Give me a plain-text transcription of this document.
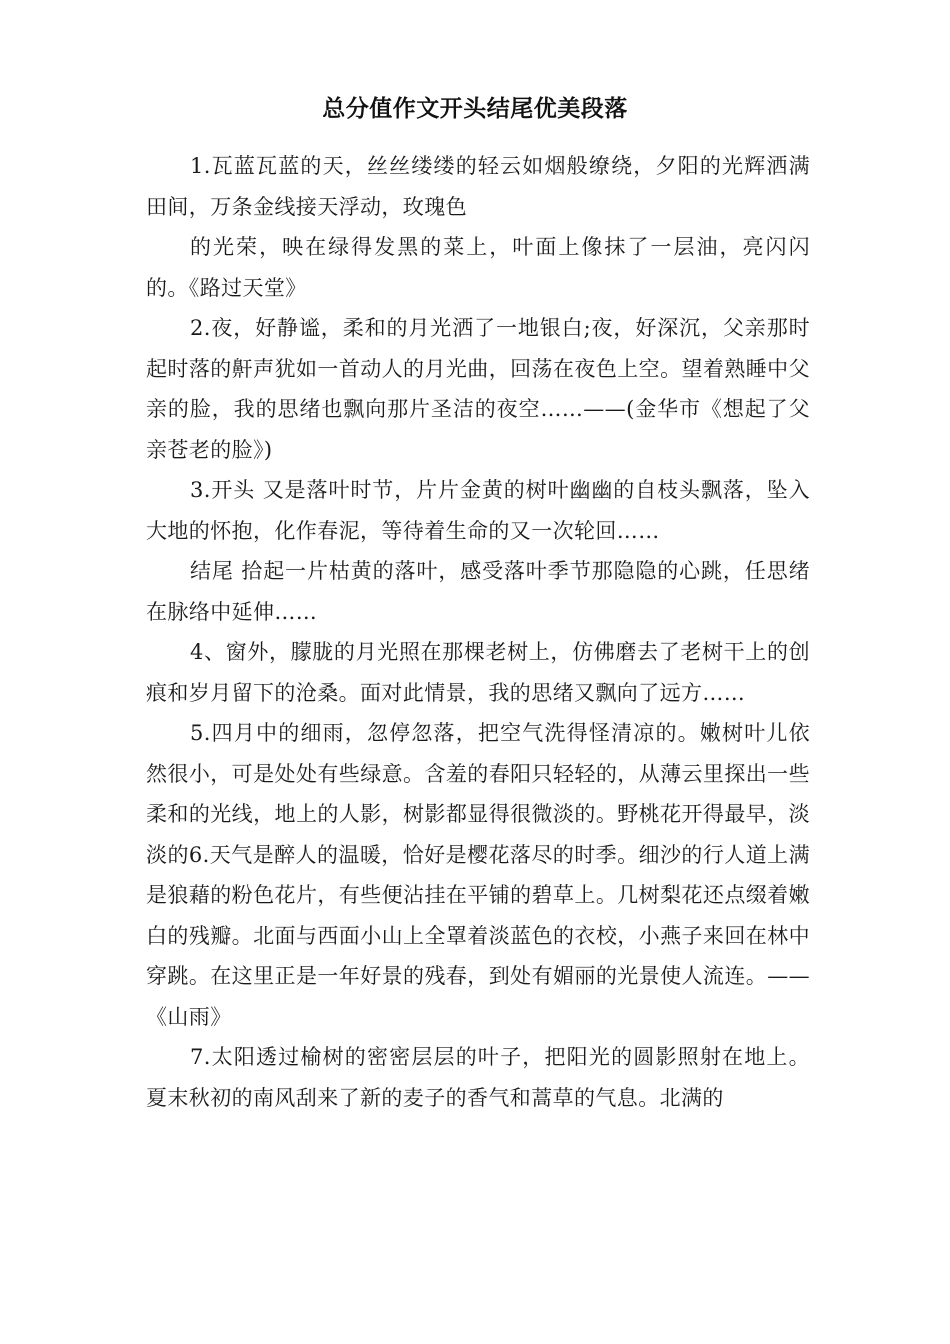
总分值作文开头结尾优美段落

1.瓦蓝瓦蓝的天，丝丝缕缕的轻云如烟般缭绕，夕阳的光辉洒满田间，万条金线接天浮动，玫瑰色

的光荣，映在绿得发黑的菜上，叶面上像抹了一层油，亮闪闪的。《路过天堂》

2.夜，好静谧，柔和的月光洒了一地银白;夜，好深沉，父亲那时起时落的鼾声犹如一首动人的月光曲，回荡在夜色上空。望着熟睡中父亲的脸，我的思绪也飘向那片圣洁的夜空……——(金华市《想起了父亲苍老的脸》)

3.开头 又是落叶时节，片片金黄的树叶幽幽的自枝头飘落，坠入大地的怀抱，化作春泥，等待着生命的又一次轮回……

结尾 拾起一片枯黄的落叶，感受落叶季节那隐隐的心跳，任思绪在脉络中延伸……

4、窗外，朦胧的月光照在那棵老树上，仿佛磨去了老树干上的创痕和岁月留下的沧桑。面对此情景，我的思绪又飘向了远方……

5.四月中的细雨，忽停忽落，把空气洗得怪清凉的。嫩树叶儿依然很小，可是处处有些绿意。含羞的春阳只轻轻的，从薄云里探出一些柔和的光线，地上的人影，树影都显得很微淡的。野桃花开得最早，淡淡的6.天气是醉人的温暖，恰好是樱花落尽的时季。细沙的行人道上满是狼藉的粉色花片，有些便沾挂在平铺的碧草上。几树梨花还点缀着嫩白的残瓣。北面与西面小山上全罩着淡蓝色的衣校，小燕子来回在林中穿跳。在这里正是一年好景的残春，到处有媚丽的光景使人流连。——《山雨》

7.太阳透过榆树的密密层层的叶子，把阳光的圆影照射在地上。夏末秋初的南风刮来了新的麦子的香气和蒿草的气息。北满的
